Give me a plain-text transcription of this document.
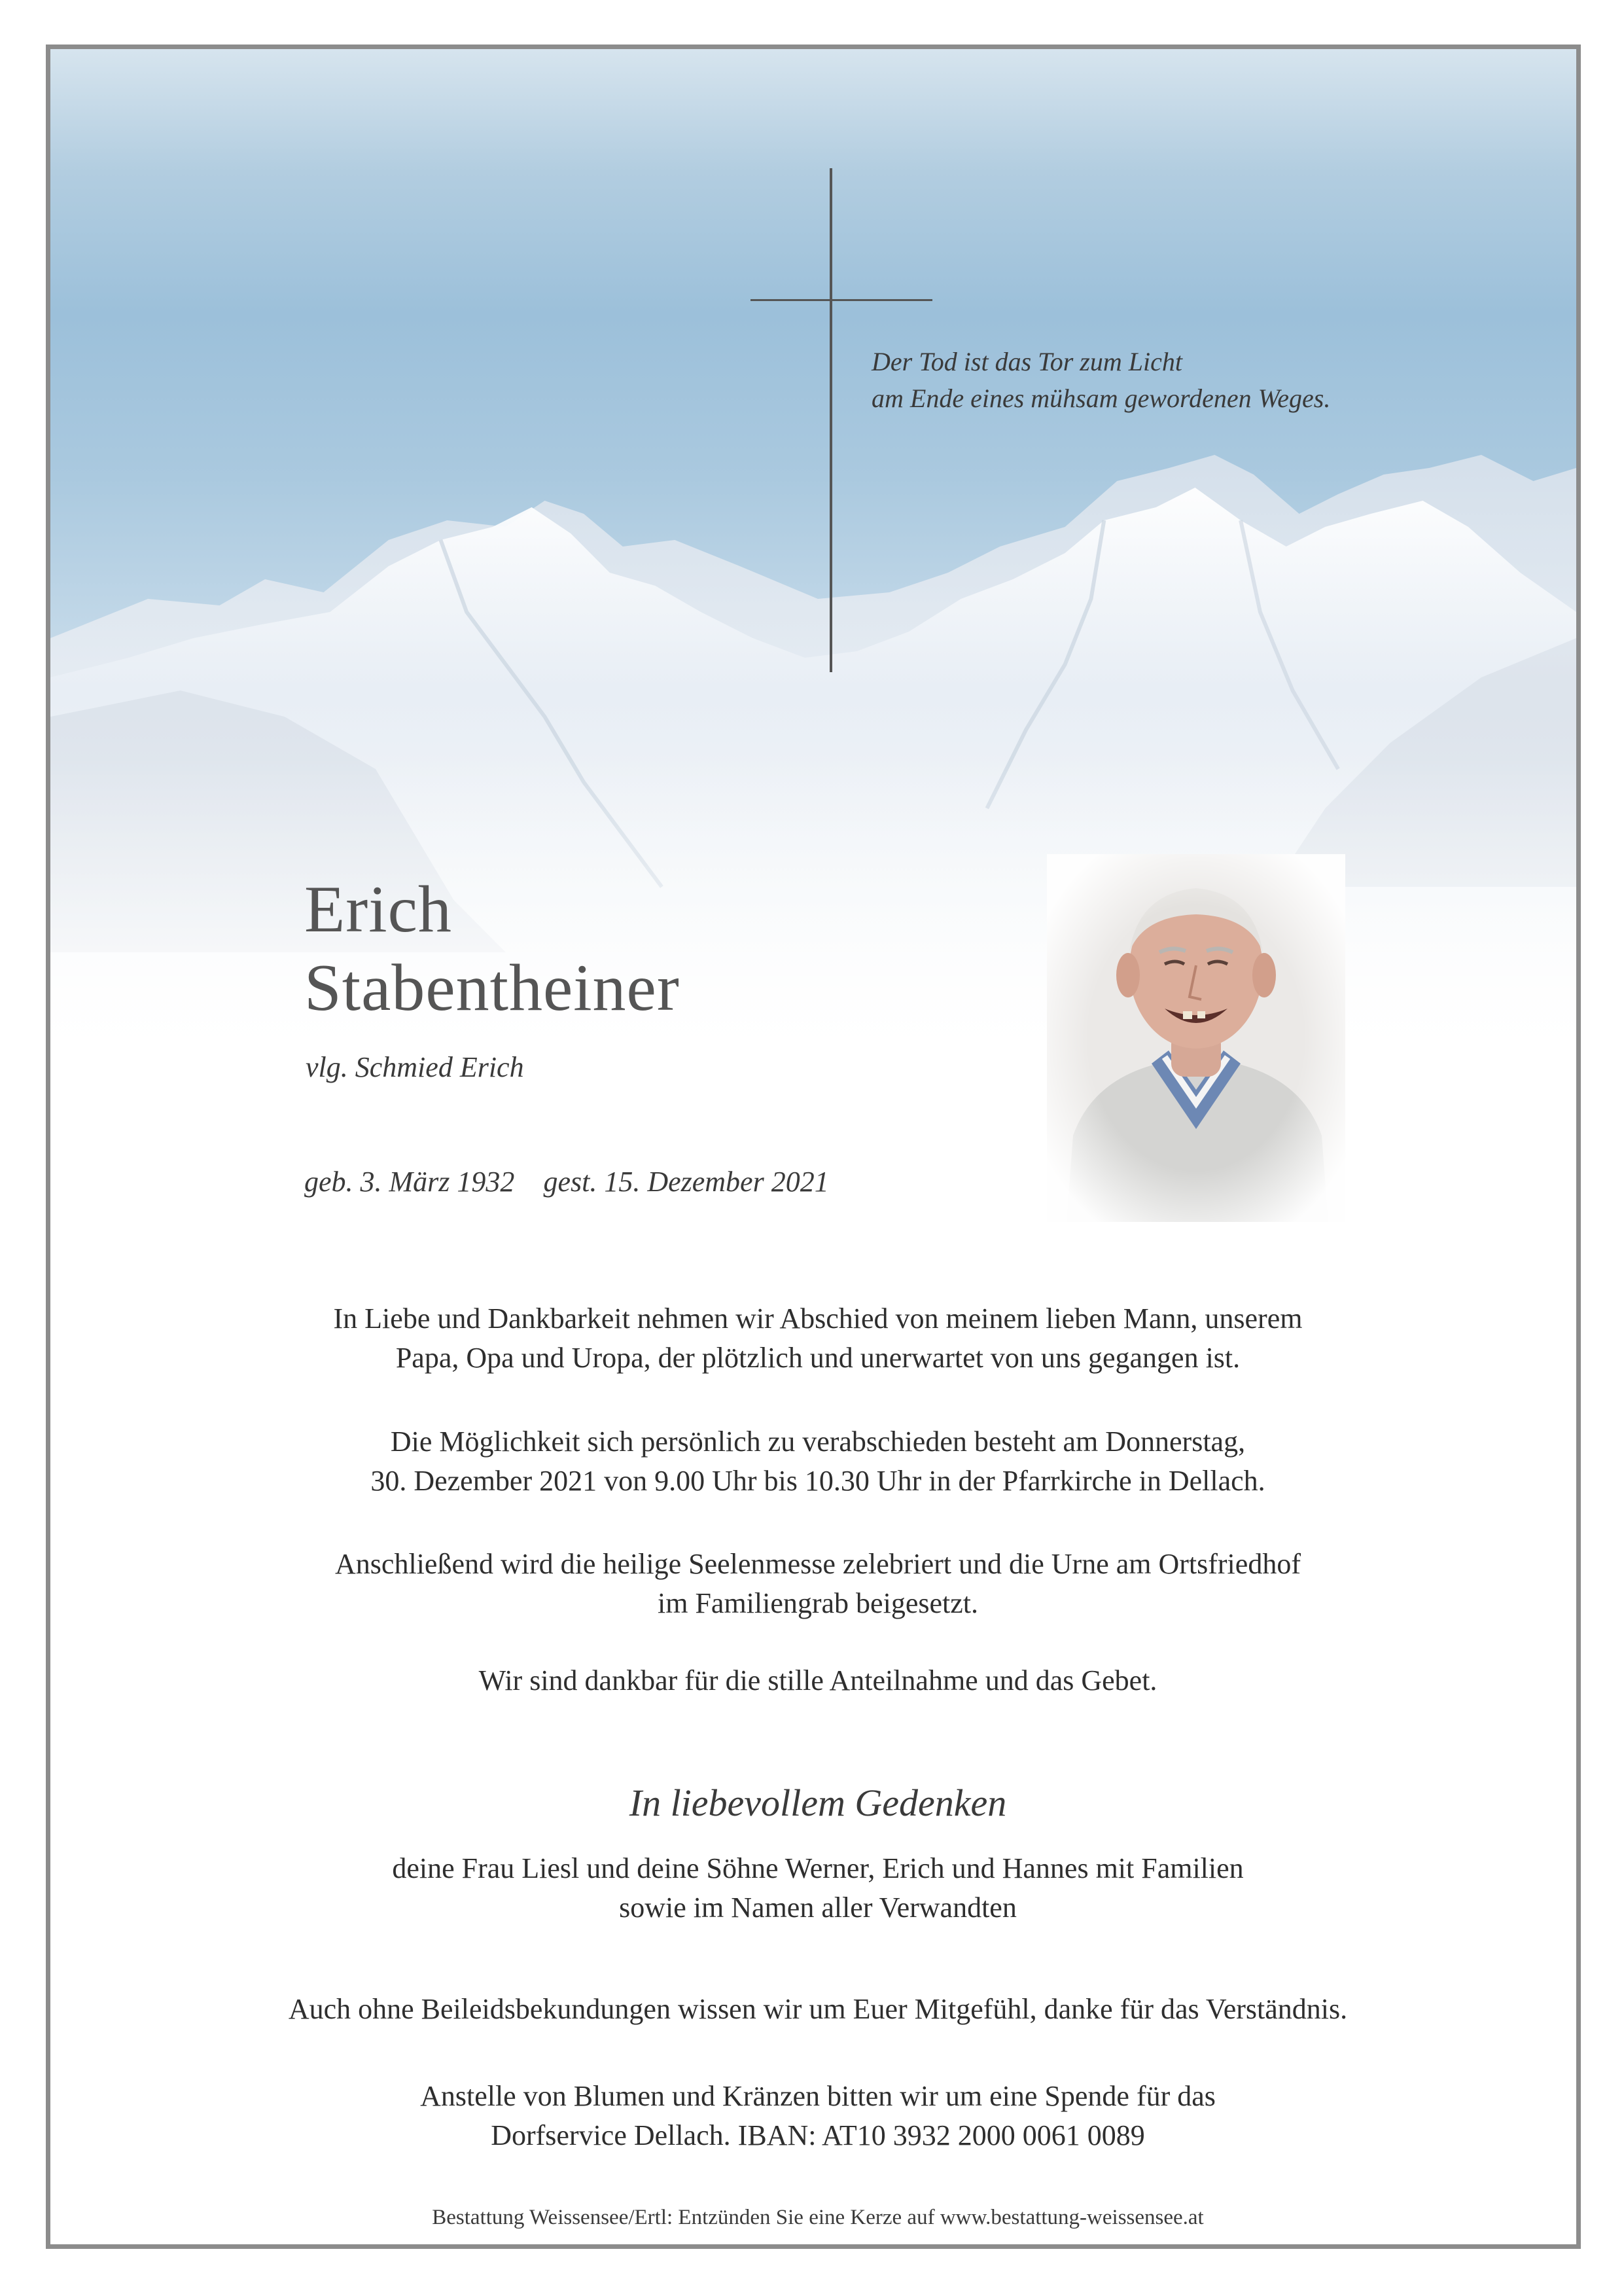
Der Tod ist das Tor zum Licht
am Ende eines mühsam gewordenen Weges.
Erich
Stabentheiner
vlg. Schmied Erich
geb. 3. März 1932 gest. 15. Dezember 2021
In Liebe und Dankbarkeit nehmen wir Abschied von meinem lieben Mann, unserem
Papa, Opa und Uropa, der plötzlich und unerwartet von uns gegangen ist.
Die Möglichkeit sich persönlich zu verabschieden besteht am Donnerstag,
30. Dezember 2021 von 9.00 Uhr bis 10.30 Uhr in der Pfarrkirche in Dellach.
Anschließend wird die heilige Seelenmesse zelebriert und die Urne am Ortsfriedhof
im Familiengrab beigesetzt.
Wir sind dankbar für die stille Anteilnahme und das Gebet.
In liebevollem Gedenken
deine Frau Liesl und deine Söhne Werner, Erich und Hannes mit Familien
sowie im Namen aller Verwandten
Auch ohne Beileidsbekundungen wissen wir um Euer Mitgefühl, danke für das Verständnis.
Anstelle von Blumen und Kränzen bitten wir um eine Spende für das
Dorfservice Dellach. IBAN: AT10 3932 2000 0061 0089
Bestattung Weissensee/Ertl: Entzünden Sie eine Kerze auf www.bestattung-weissensee.at
